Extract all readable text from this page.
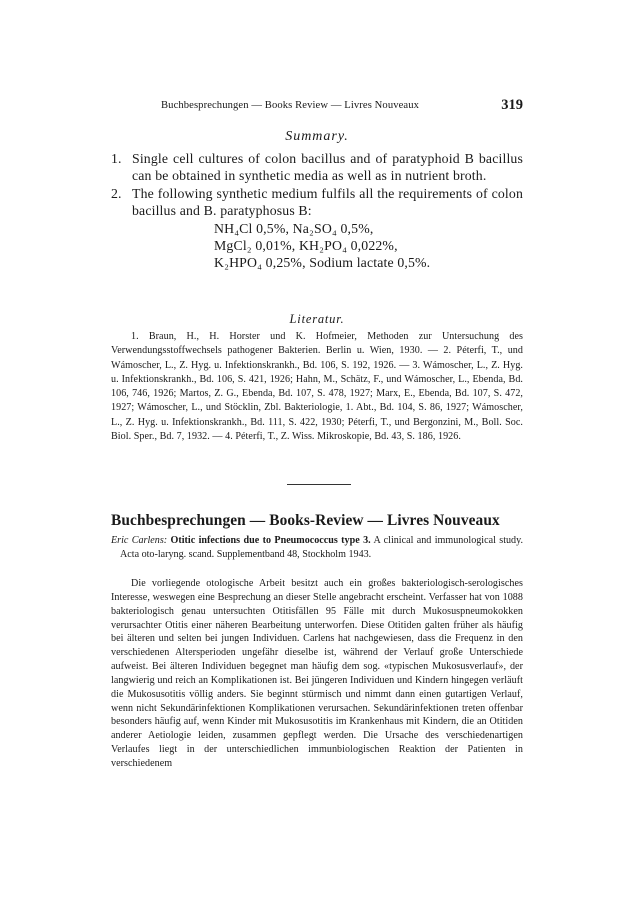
Buchbesprechungen — Books Review — Livres Nouveaux	319
Summary.
1. Single cell cultures of colon bacillus and of paratyphoid B bacillus can be obtained in synthetic media as well as in nutrient broth.
2. The following synthetic medium fulfils all the requirements of colon bacillus and B. paratyphosus B:
NH₄Cl 0,5%, Na₂SO₄ 0,5%,
MgCl₂ 0,01%, KH₂PO₄ 0,022%,
K₂HPO₄ 0,25%, Sodium lactate 0,5%.
Literatur.
1. Braun, H., H. Horster und K. Hofmeier, Methoden zur Untersuchung des Verwendungsstoffwechsels pathogener Bakterien. Berlin u. Wien, 1930. — 2. Péterfi, T., und Wámoscher, L., Z. Hyg. u. Infektionskrankh., Bd. 106, S. 192, 1926. — 3. Wámoscher, L., Z. Hyg. u. Infektionskrankh., Bd. 106, S. 421, 1926; Hahn, M., Schätz, F., und Wámoscher, L., Ebenda, Bd. 106, 746, 1926; Martos, Z. G., Ebenda, Bd. 107, S. 478, 1927; Marx, E., Ebenda, Bd. 107, S. 472, 1927; Wámoscher, L., und Stöcklin, Zbl. Bakteriologie, 1. Abt., Bd. 104, S. 86, 1927; Wámoscher, L., Z. Hyg. u. Infektionskrankh., Bd. 111, S. 422, 1930; Péterfi, T., und Bergonzini, M., Boll. Soc. Biol. Sper., Bd. 7, 1932. — 4. Péterfi, T., Z. Wiss. Mikroskopie, Bd. 43, S. 186, 1926.
Buchbesprechungen — Books-Review — Livres Nouveaux
Eric Carlens: Otitic infections due to Pneumococcus type 3. A clinical and immunological study. Acta oto-laryng. scand. Supplementband 48, Stockholm 1943.
Die vorliegende otologische Arbeit besitzt auch ein großes bakteriologisch-serologisches Interesse, weswegen eine Besprechung an dieser Stelle angebracht erscheint. Verfasser hat von 1088 bakteriologisch genau untersuchten Otitisfällen 95 Fälle mit durch Mukosuspneumokokken verursachter Otitis einer näheren Bearbeitung unterworfen. Diese Otitiden galten früher als häufig bei älteren und selten bei jungen Individuen. Carlens hat nachgewiesen, dass die Frequenz in den verschiedenen Altersperioden ungefähr dieselbe ist, während der Verlauf große Unterschiede aufweist. Bei älteren Individuen begegnet man häufig dem sog. «typischen Mukosusverlauf», der langwierig und reich an Komplikationen ist. Bei jüngeren Individuen und Kindern hingegen verläuft die Mukosusotitis völlig anders. Sie beginnt stürmisch und nimmt dann einen gutartigen Verlauf, wenn nicht Sekundärinfektionen Komplikationen verursachen. Sekundärinfektionen treten offenbar besonders häufig auf, wenn Kinder mit Mukosusotitis im Krankenhaus mit Kindern, die an Otitiden anderer Aetiologie leiden, zusammen gepflegt werden. Die Ursache des verschiedenartigen Verlaufes liegt in der unterschiedlichen immunbiologischen Reaktion der Patienten in verschiedenem
